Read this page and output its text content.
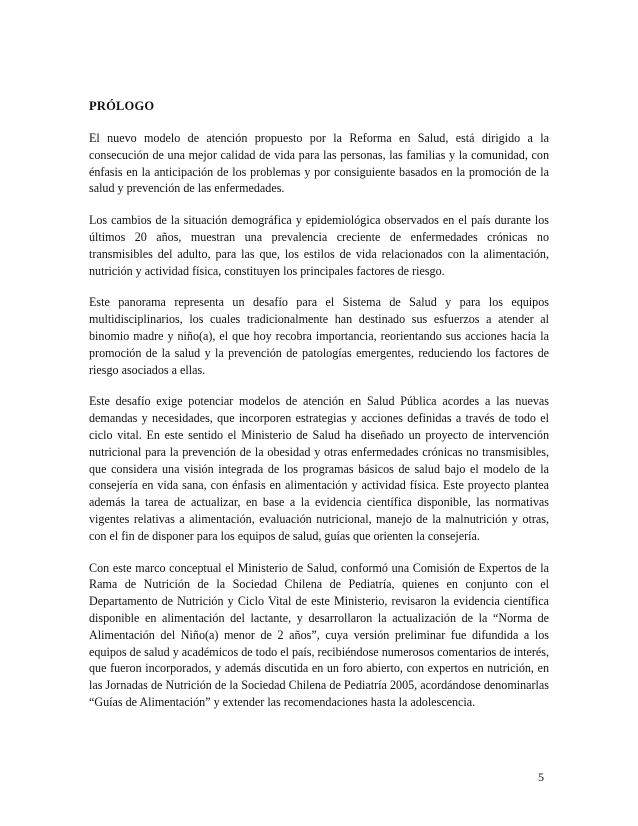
PRÓLOGO

El nuevo modelo de atención propuesto por la Reforma en Salud, está dirigido a la consecución de una mejor calidad de vida para las personas, las familias y la comunidad, con énfasis en la anticipación de los problemas y por consiguiente basados en la promoción de la salud y prevención de las enfermedades.

Los cambios de la situación demográfica y epidemiológica observados en el país durante los últimos 20 años, muestran una prevalencia creciente de enfermedades crónicas no transmisibles del adulto, para las que, los estilos de vida relacionados con la alimentación, nutrición y actividad física, constituyen los principales factores de riesgo.

Este panorama representa un desafío para el Sistema de Salud y para los equipos multidisciplinarios, los cuales tradicionalmente han destinado sus esfuerzos a atender al binomio madre y niño(a), el que hoy recobra importancia, reorientando sus acciones hacia la promoción de la salud y la prevención de patologías emergentes, reduciendo los factores de riesgo asociados a ellas.

Este desafío exige potenciar modelos de atención en Salud Pública acordes a las nuevas demandas y necesidades, que incorporen estrategias y acciones definidas a través de todo el ciclo vital. En este sentido el Ministerio de Salud ha diseñado un proyecto de intervención nutricional para la prevención de la obesidad y otras enfermedades crónicas no transmisibles, que considera una visión integrada de los programas básicos de salud bajo el modelo de la consejería en vida sana, con énfasis en alimentación y actividad física. Este proyecto plantea además la tarea de actualizar, en base a la evidencia científica disponible, las normativas vigentes relativas a alimentación, evaluación nutricional, manejo de la malnutrición y otras, con el fin de disponer para los equipos de salud, guías que orienten la consejería.

Con este marco conceptual el Ministerio de Salud, conformó una Comisión de Expertos de la Rama de Nutrición de la Sociedad Chilena de Pediatría, quienes en conjunto con el Departamento de Nutrición y Ciclo Vital de este Ministerio, revisaron la evidencia científica disponible en alimentación del lactante, y desarrollaron la actualización de la “Norma de Alimentación del Niño(a) menor de 2 años”, cuya versión preliminar fue difundida a los equipos de salud y académicos de todo el país, recibiéndose numerosos comentarios de interés, que fueron incorporados, y además discutida en un foro abierto, con expertos en nutrición, en las Jornadas de Nutrición de la Sociedad Chilena de Pediatría 2005, acordándose denominarlas “Guías de Alimentación” y extender las recomendaciones hasta la adolescencia.

5
